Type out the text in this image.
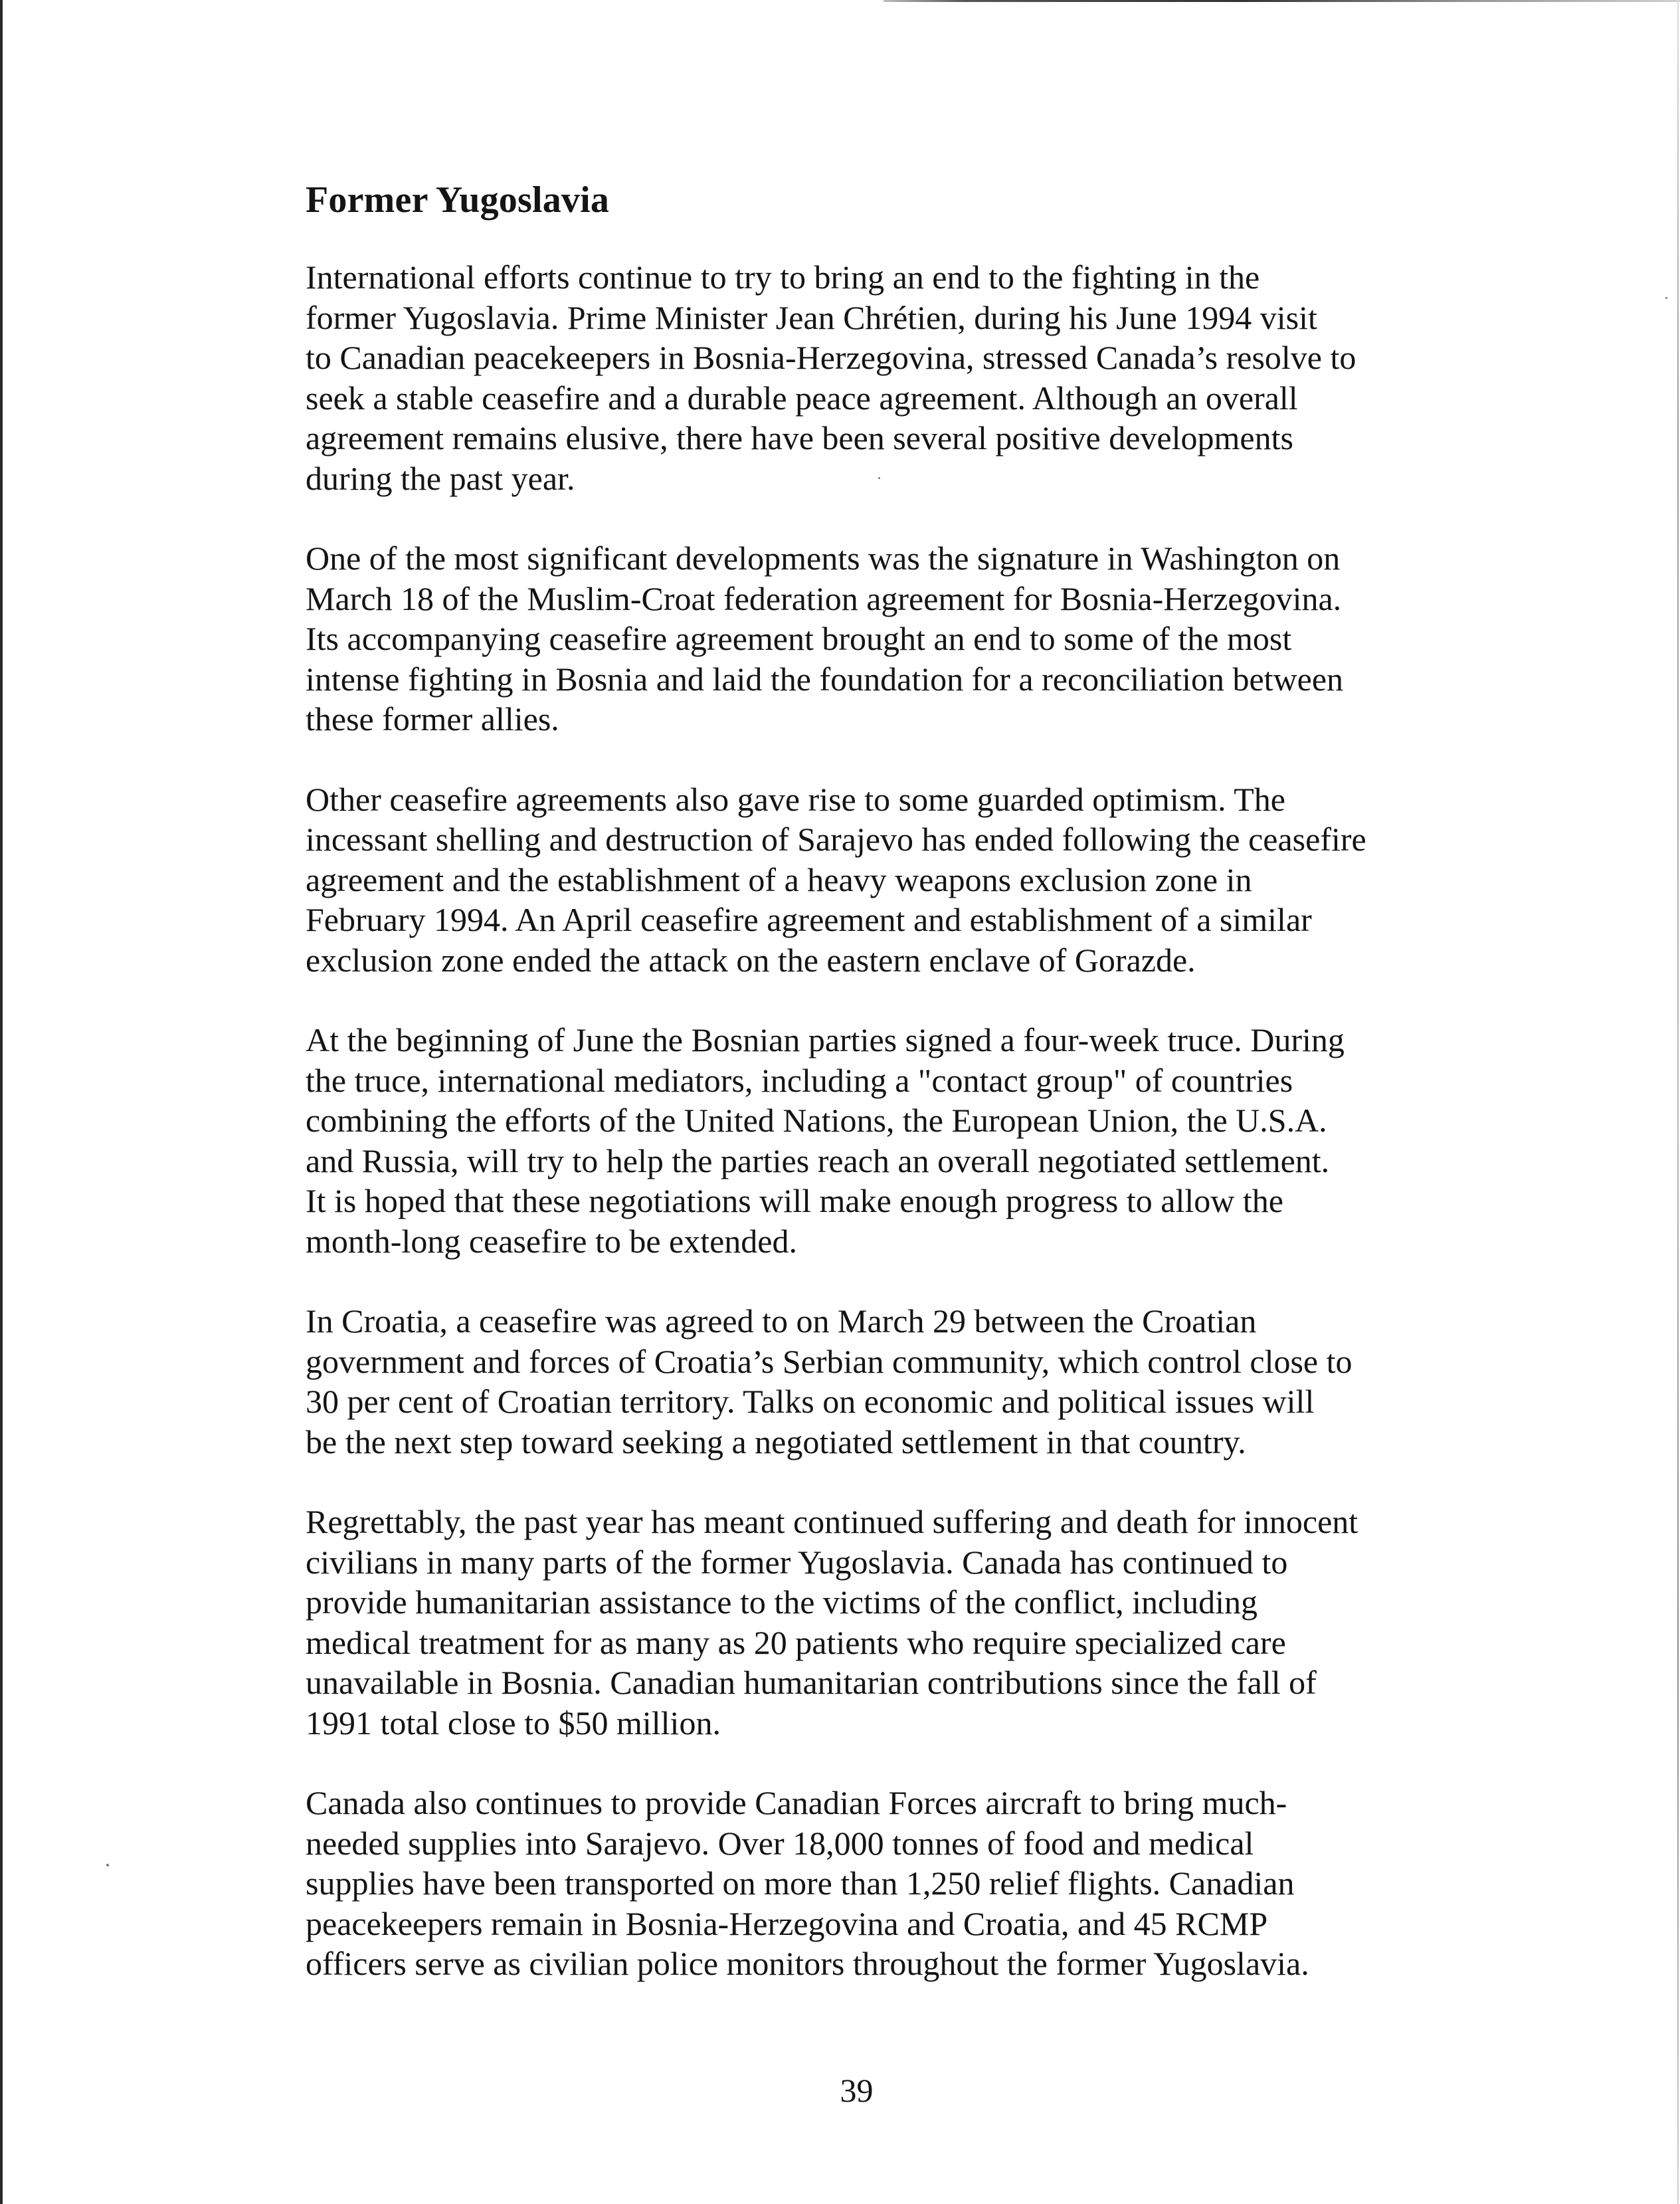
Former Yugoslavia

International efforts continue to try to bring an end to the fighting in the
former Yugoslavia. Prime Minister Jean Chrétien, during his June 1994 visit
to Canadian peacekeepers in Bosnia-Herzegovina, stressed Canada’s resolve to
seek a stable ceasefire and a durable peace agreement. Although an overall
agreement remains elusive, there have been several positive developments
during the past year.

One of the most significant developments was the signature in Washington on
March 18 of the Muslim-Croat federation agreement for Bosnia-Herzegovina.
Its accompanying ceasefire agreement brought an end to some of the most
intense fighting in Bosnia and laid the foundation for a reconciliation between
these former allies.

Other ceasefire agreements also gave rise to some guarded optimism. The
incessant shelling and destruction of Sarajevo has ended following the ceasefire
agreement and the establishment of a heavy weapons exclusion zone in
February 1994. An April ceasefire agreement and establishment of a similar
exclusion zone ended the attack on the eastern enclave of Gorazde.

At the beginning of June the Bosnian parties signed a four-week truce. During
the truce, international mediators, including a "contact group" of countries
combining the efforts of the United Nations, the European Union, the U.S.A.
and Russia, will try to help the parties reach an overall negotiated settlement.
It is hoped that these negotiations will make enough progress to allow the
month-long ceasefire to be extended.

In Croatia, a ceasefire was agreed to on March 29 between the Croatian
government and forces of Croatia’s Serbian community, which control close to
30 per cent of Croatian territory. Talks on economic and political issues will
be the next step toward seeking a negotiated settlement in that country.

Regrettably, the past year has meant continued suffering and death for innocent
civilians in many parts of the former Yugoslavia. Canada has continued to
provide humanitarian assistance to the victims of the conflict, including
medical treatment for as many as 20 patients who require specialized care
unavailable in Bosnia. Canadian humanitarian contributions since the fall of
1991 total close to $50 million.

Canada also continues to provide Canadian Forces aircraft to bring much-
needed supplies into Sarajevo. Over 18,000 tonnes of food and medical
supplies have been transported on more than 1,250 relief flights. Canadian
peacekeepers remain in Bosnia-Herzegovina and Croatia, and 45 RCMP
officers serve as civilian police monitors throughout the former Yugoslavia.

39
